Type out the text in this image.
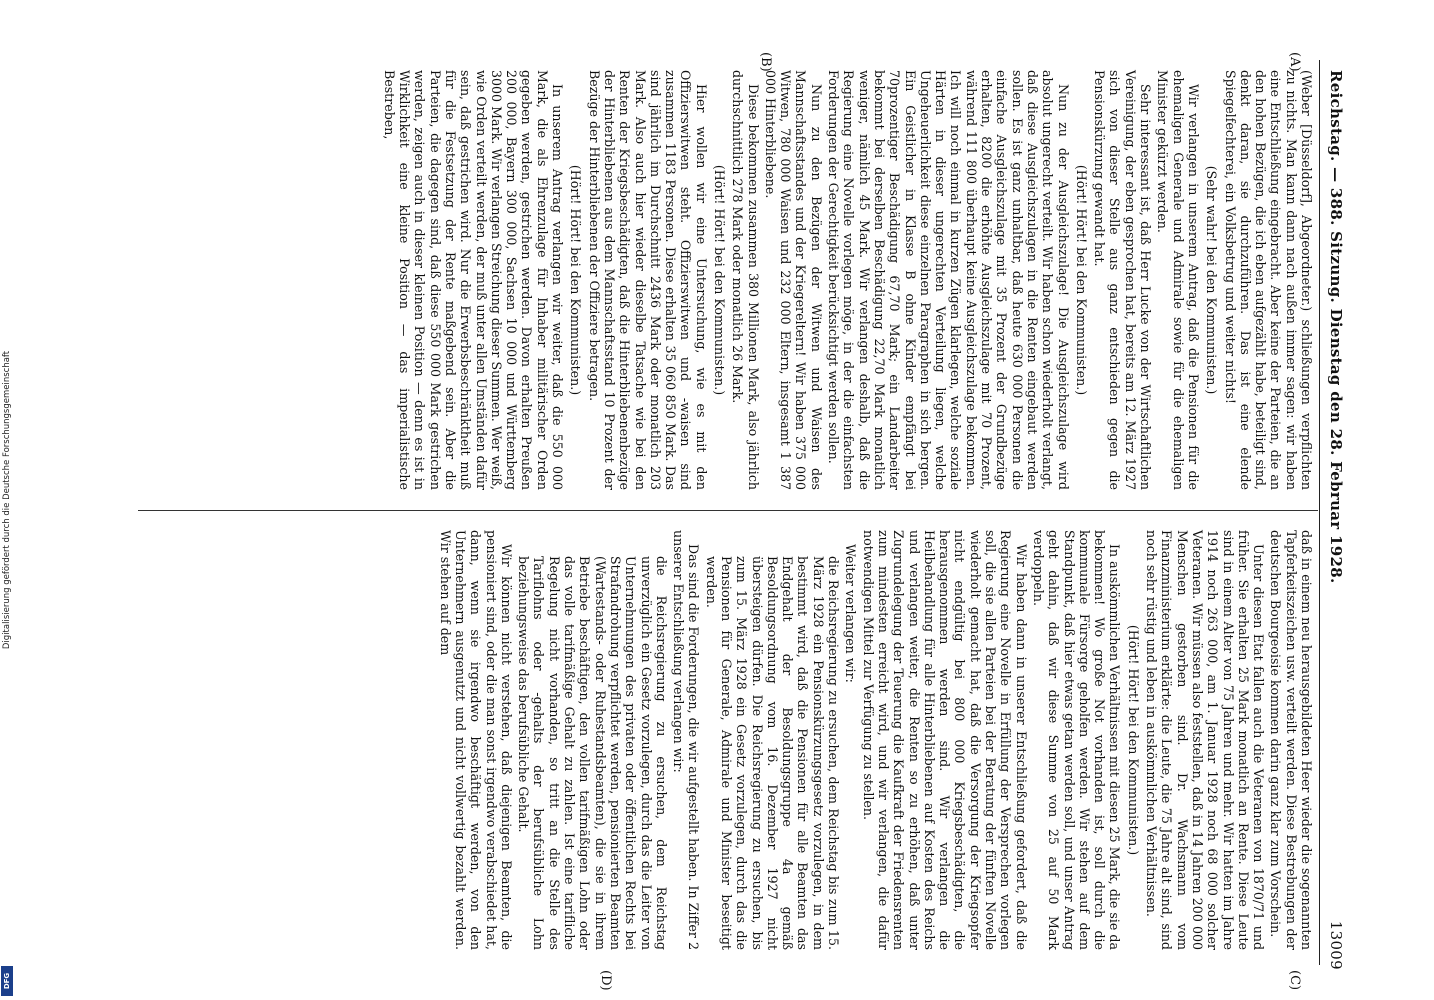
Digitalisierung gefördert durch die Deutsche Forschungsgemeinschaft
DFG
Reichstag. — 388. Sitzung. Dienstag den 28. Februar 1928.
13009
(A)
(B)
(C)
(D)

(Weber [Düsseldorf], Abgeordneter.) schließungen verpflichten zu nichts. Man kann dann nach außen immer sagen: wir haben eine Entschließung eingebracht. Aber keine der Parteien, die an den hohen Bezügen, die ich eben aufgezählt habe, beteiligt sind, denkt daran, sie durchzuführen. Das ist eine elende Spiegelfechterei, ein Volksbetrug und weiter nichts!

(Sehr wahr! bei den Kommunisten.)

Wir verlangen in unserem Antrag, daß die Pensionen für die ehemaligen Generale und Admirale sowie für die ehemaligen Minister gekürzt werden.

Sehr interessant ist, daß Herr Lucke von der Wirtschaftlichen Vereinigung, der eben gesprochen hat, bereits am 12. März 1927 sich von dieser Stelle aus ganz entschieden gegen die Pensionskürzung gewandt hat.

(Hört! Hört! bei den Kommunisten.)

Nun zu der Ausgleichszulage! Die Ausgleichszulage wird absolut ungerecht verteilt. Wir haben schon wiederholt verlangt, daß diese Ausgleichszulagen in die Renten eingebaut werden sollen. Es ist ganz unhaltbar, daß heute 630 000 Personen die einfache Ausgleichszulage mit 35 Prozent der Grundbezüge erhalten, 8200 die erhöhte Ausgleichszulage mit 70 Prozent, während 111 800 überhaupt keine Ausgleichszulage bekommen. Ich will noch einmal in kurzen Zügen klarlegen, welche soziale Härten in dieser ungerechten Verteilung liegen, welche Ungeheuerlichkeit diese einzelnen Paragraphen in sich bergen. Ein Geistlicher in Klasse B ohne Kinder empfängt bei 70prozentiger Beschädigung 67,70 Mark; ein Landarbeiter bekommt bei derselben Beschädigung 22,70 Mark monatlich weniger, nämlich 45 Mark. Wir verlangen deshalb, daß die Regierung eine Novelle vorlegen möge, in der die einfachsten Forderungen der Gerechtigkeit berücksichtigt werden sollen.

Nun zu den Bezügen der Witwen und Waisen des Mannschaftsstandes und der Kriegereltern! Wir haben 375 000 Witwen, 780 000 Waisen und 232 000 Eltern, insgesamt 1 387 000 Hinterbliebene.

Diese bekommen zusammen 380 Millionen Mark, also jährlich durchschnittlich 278 Mark oder monatlich 26 Mark.

(Hört! Hört! bei den Kommunisten.)

Hier wollen wir eine Untersuchung, wie es mit den Offizierswitwen steht. Offizierswitwen und -waisen sind zusammen 1183 Personen. Diese erhalten 35 060 850 Mark. Das sind jährlich im Durchschnitt 2436 Mark oder monatlich 203 Mark. Also auch hier wieder dieselbe Tatsache wie bei den Renten der Kriegsbeschädigten, daß die Hinterbliebenenbezüge der Hinterbliebenen aus dem Mannschaftsstand 10 Prozent der Bezüge der Hinterbliebenen der Offiziere betragen.

(Hört! Hört! bei den Kommunisten.)

In unserem Antrag verlangen wir weiter, daß die 550 000 Mark, die als Ehrenzulage für Inhaber militärischer Orden gegeben werden, gestrichen werden. Davon erhalten Preußen 200 000, Bayern 300 000, Sachsen 10 000 und Württemberg 3000 Mark. Wir verlangen Streichung dieser Summen. Wer weiß, wie Orden verteilt werden, der muß unter allen Umständen dafür sein, daß gestrichen wird. Nur die Erwerbsbeschränktheit muß für die Festsetzung der Rente maßgebend sein. Aber die Parteien, die dagegen sind, daß diese 550 000 Mark gestrichen werden, zeigen auch in dieser kleinen Position — denn es ist in Wirklichkeit eine kleine Position — das imperialistische Bestreben,

daß in einem neu herausgebildeten Heer wieder die sogenannten Tapferkeitszeichen usw. verteilt werden. Diese Bestrebungen der deutschen Bourgeoisie kommen darin ganz klar zum Vorschein.

Unter diesen Etat fallen auch die Veteranen von 1870/71 und früher. Sie erhalten 25 Mark monatlich an Rente. Diese Leute sind in einem Alter von 75 Jahren und mehr. Wir hatten im Jahre 1914 noch 263 000, am 1. Januar 1928 noch 68 000 solcher Veteranen. Wir müssen also feststellen, daß in 14 Jahren 200 000 Menschen gestorben sind. Dr. Wachsmann vom Finanzministerium erklärte: die Leute, die 75 Jahre alt sind, sind noch sehr rüstig und leben in auskömmlichen Verhältnissen.

(Hört! Hört! bei den Kommunisten.)

In auskömmlichen Verhältnissen mit diesen 25 Mark, die sie da bekommen! Wo große Not vorhanden ist, soll durch die kommunale Fürsorge geholfen werden. Wir stehen auf dem Standpunkt, daß hier etwas getan werden soll, und unser Antrag geht dahin, daß wir diese Summe von 25 auf 50 Mark verdoppeln.

Wir haben dann in unserer Entschließung gefordert, daß die Regierung eine Novelle in Erfüllung der Versprechen vorlegen soll, die sie allen Parteien bei der Beratung der fünften Novelle wiederholt gemacht hat, daß die Versorgung der Kriegsopfer nicht endgültig bei 800 000 Kriegsbeschädigten, die herausgenommen werden sind. Wir verlangen die Heilbehandlung für alle Hinterbliebenen auf Kosten des Reichs und verlangen weiter, die Renten so zu erhöhen, daß unter Zugrundelegung der Teuerung die Kaufkraft der Friedensrenten zum mindesten erreicht wird, und wir verlangen, die dafür notwendigen Mittel zur Verfügung zu stellen.

Weiter verlangen wir:

die Reichsregierung zu ersuchen, dem Reichstag bis zum 15. März 1928 ein Pensionskürzungsgesetz vorzulegen, in dem bestimmt wird, daß die Pensionen für alle Beamten das Endgehalt der Besoldungsgruppe 4a gemäß Besoldungsordnung vom 16. Dezember 1927 nicht übersteigen dürfen. Die Reichsregierung zu ersuchen, bis zum 15. März 1928 ein Gesetz vorzulegen, durch das die Pensionen für Generale, Admirale und Minister beseitigt werden.

Das sind die Forderungen, die wir aufgestellt haben. In Ziffer 2 unserer Entschließung verlangen wir:

die Reichsregierung zu ersuchen, dem Reichstag unverzüglich ein Gesetz vorzulegen, durch das die Leiter von Unternehmungen des privaten oder öffentlichen Rechts bei Strafandrohung verpflichtet werden, pensionierten Beamten (Wartestands- oder Ruhestandsbeamten), die sie in ihrem Betriebe beschäftigen, den vollen tarifmäßigen Lohn oder das volle tarifmäßige Gehalt zu zahlen. Ist eine tarifliche Regelung nicht vorhanden, so tritt an die Stelle des Tariflohns oder -gehalts der berufsübliche Lohn beziehungsweise das berufsübliche Gehalt.

Wir können nicht verstehen, daß diejenigen Beamten, die pensioniert sind, oder die man sonst irgendwo verabschiedet hat, dann, wenn sie irgendwo beschäftigt werden, von den Unternehmern ausgenutzt und nicht vollwertig bezahlt werden. Wir stehen auf dem
